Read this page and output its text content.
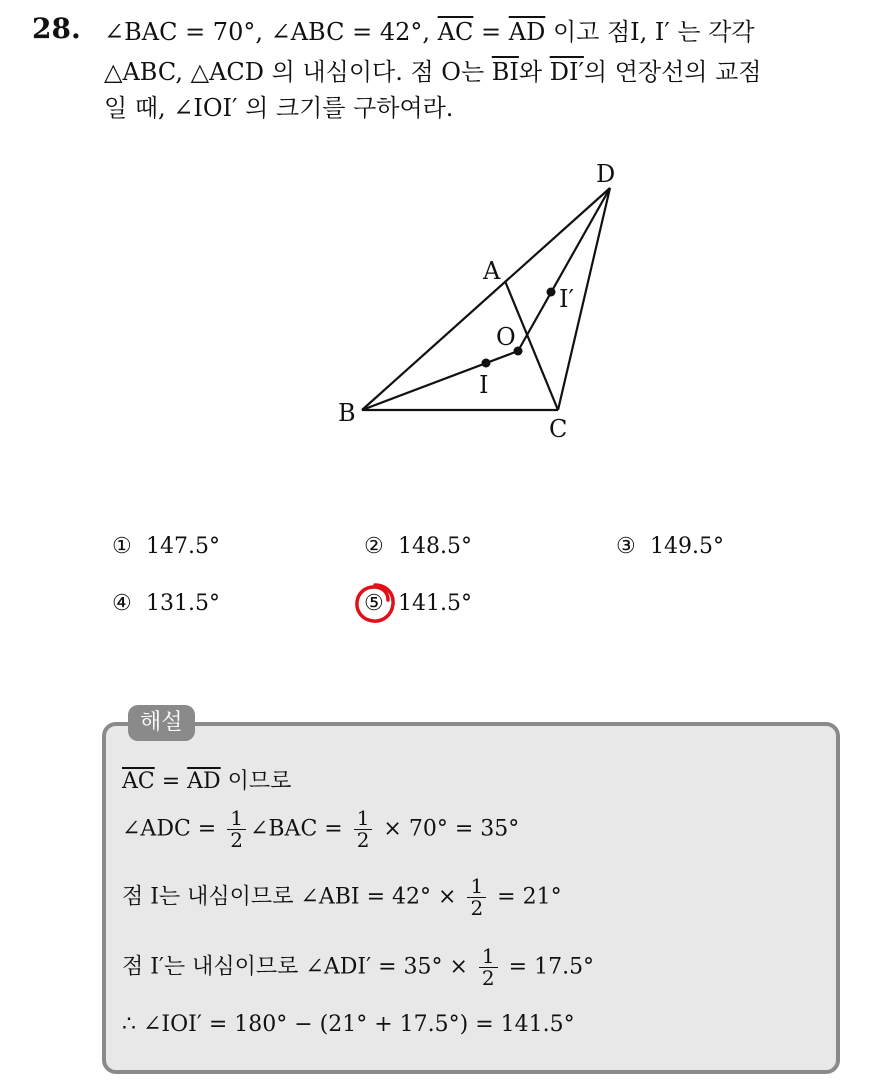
28. ∠BAC = 70°, ∠ABC = 42°, $\overline{AC} = \overline{AD}$ 이고 점I, I′ 는 각각
△ABC, △ACD 의 내심이다. 점 O는 $\overline{BI}$와 DI′의 연장선의 교점
일 때, ∠IOI′ 의 크기를 구하여라.
D
A
I′
O
I
B
C
① 147.5°	② 148.5°	③ 149.5°
④ 131.5°	⑤ 141.5°
해설
$\overline{AC} = \overline{AD}$ 이므로
∠ADC = $\frac{1}{2}$ ∠BAC = $\frac{1}{2} \times 70^\circ = 35^\circ$
점 I는 내심이므로 ∠ABI = $42^\circ \times \frac{1}{2} = 21^\circ$
점 I′는 내심이므로 ∠ADI′ = $35^\circ \times \frac{1}{2} = 17.5^\circ$
∴ ∠IOI′ = 180° − (21° + 17.5°) = 141.5°
